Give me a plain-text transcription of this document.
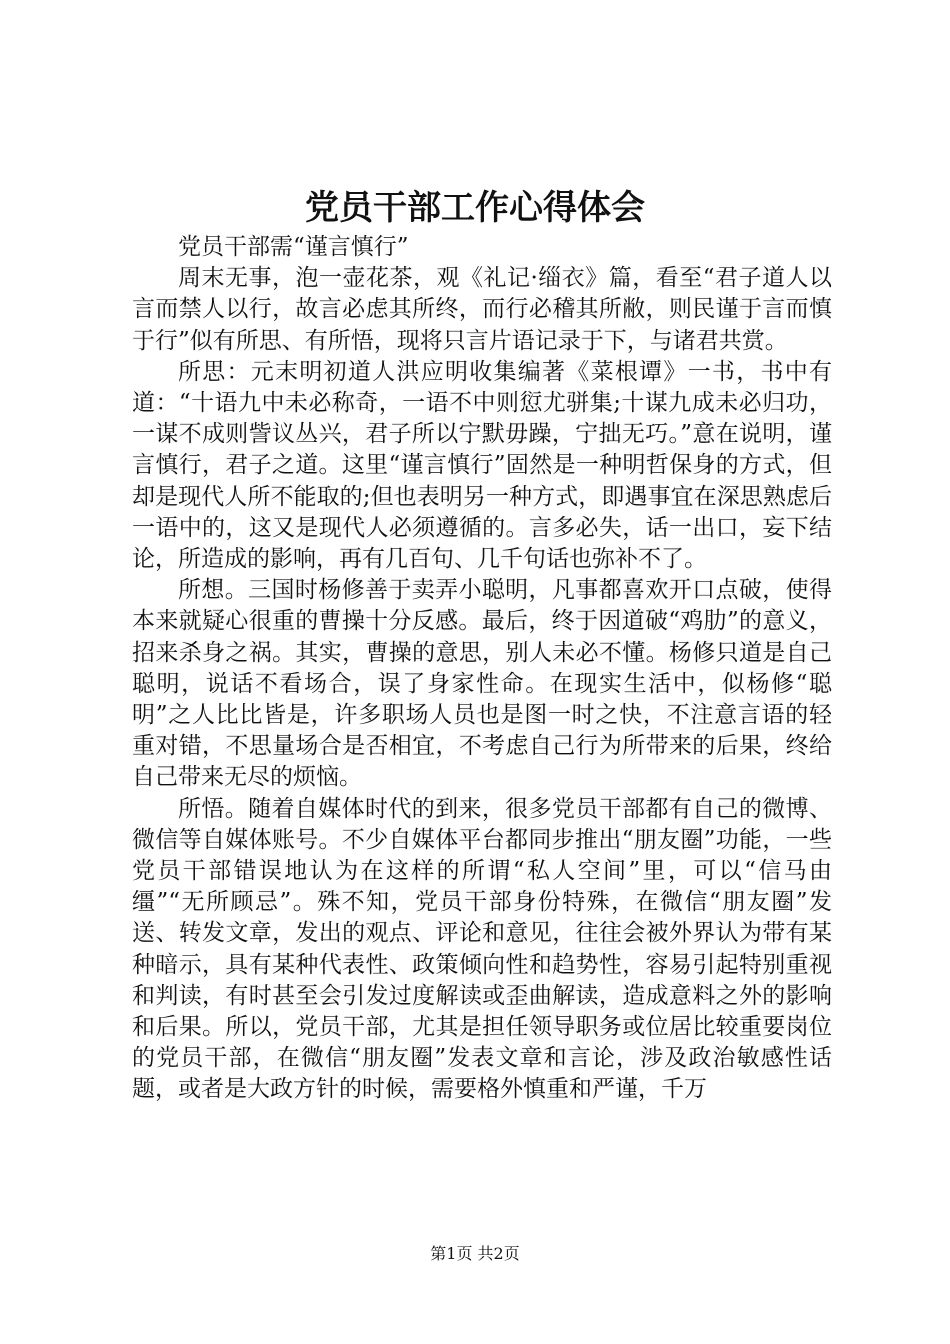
党员干部工作心得体会

党员干部需“谨言慎行”

周末无事，泡一壶花茶，观《礼记·缁衣》篇，看至“君子道人以言而禁人以行，故言必虑其所终，而行必稽其所敝，则民谨于言而慎于行”似有所思、有所悟，现将只言片语记录于下，与诸君共赏。

所思：元末明初道人洪应明收集编著《菜根谭》一书，书中有道：“十语九中未必称奇，一语不中则愆尤骈集;十谋九成未必归功，一谋不成则訾议丛兴，君子所以宁默毋躁，宁拙无巧。”意在说明，谨言慎行，君子之道。这里“谨言慎行”固然是一种明哲保身的方式，但却是现代人所不能取的;但也表明另一种方式，即遇事宜在深思熟虑后一语中的，这又是现代人必须遵循的。言多必失，话一出口，妄下结论，所造成的影响，再有几百句、几千句话也弥补不了。

所想。三国时杨修善于卖弄小聪明，凡事都喜欢开口点破，使得本来就疑心很重的曹操十分反感。最后，终于因道破“鸡肋”的意义，招来杀身之祸。其实，曹操的意思，别人未必不懂。杨修只道是自己聪明，说话不看场合，误了身家性命。在现实生活中，似杨修“聪明”之人比比皆是，许多职场人员也是图一时之快，不注意言语的轻重对错，不思量场合是否相宜，不考虑自己行为所带来的后果，终给自己带来无尽的烦恼。

所悟。随着自媒体时代的到来，很多党员干部都有自己的微博、微信等自媒体账号。不少自媒体平台都同步推出“朋友圈”功能，一些党员干部错误地认为在这样的所谓“私人空间”里，可以“信马由缰”“无所顾忌”。殊不知，党员干部身份特殊，在微信“朋友圈”发送、转发文章，发出的观点、评论和意见，往往会被外界认为带有某种暗示，具有某种代表性、政策倾向性和趋势性，容易引起特别重视和判读，有时甚至会引发过度解读或歪曲解读，造成意料之外的影响和后果。所以，党员干部，尤其是担任领导职务或位居比较重要岗位的党员干部，在微信“朋友圈”发表文章和言论，涉及政治敏感性话题，或者是大政方针的时候，需要格外慎重和严谨，千万

第1页 共2页
